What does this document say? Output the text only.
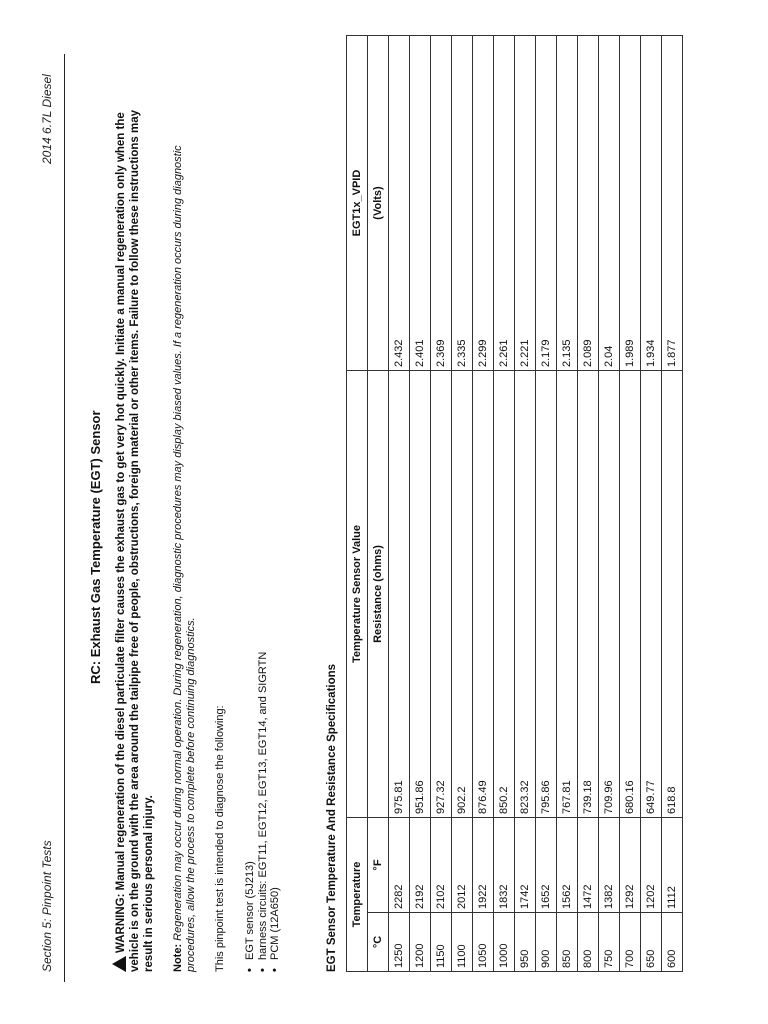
Section 5: Pinpoint Tests
2014 6.7L Diesel
RC: Exhaust Gas Temperature (EGT) Sensor
WARNING: Manual regeneration of the diesel particulate filter causes the exhaust gas to get very hot quickly. Initiate a manual regeneration only when the vehicle is on the ground with the area around the tailpipe free of people, obstructions, foreign material or other items. Failure to follow these instructions may result in serious personal injury. Note: Regeneration may occur during normal operation. During regeneration, diagnostic procedures may display biased values. If a regeneration occurs during diagnostic procedures, allow the process to complete before continuing diagnostics. This pinpoint test is intended to diagnose the following: • EGT sensor (5J213) • harness circuits: EGT11, EGT12, EGT13, EGT14, and SIGRTN • PCM (12A650)	EGT Sensor Temperature And Resistance Specifications Temperature		Temperature Sensor Value	EGT1x_VPID
°C	°F	Resistance (ohms)	(Volts)
1250	2282	975.81	2.432
1200	2192	951.86	2.401
1150	2102	927.32	2.369
1100	2012	902.2	2.335
1050	1922	876.49	2.299
1000	1832	850.2	2.261
950	1742	823.32	2.221
900	1652	795.86	2.179
850	1562	767.81	2.135
800	1472	739.18	2.089
750	1382	709.96	2.04
700	1292	680.16	1.989
650	1202	649.77	1.934
600	1112	618.8	1.877
